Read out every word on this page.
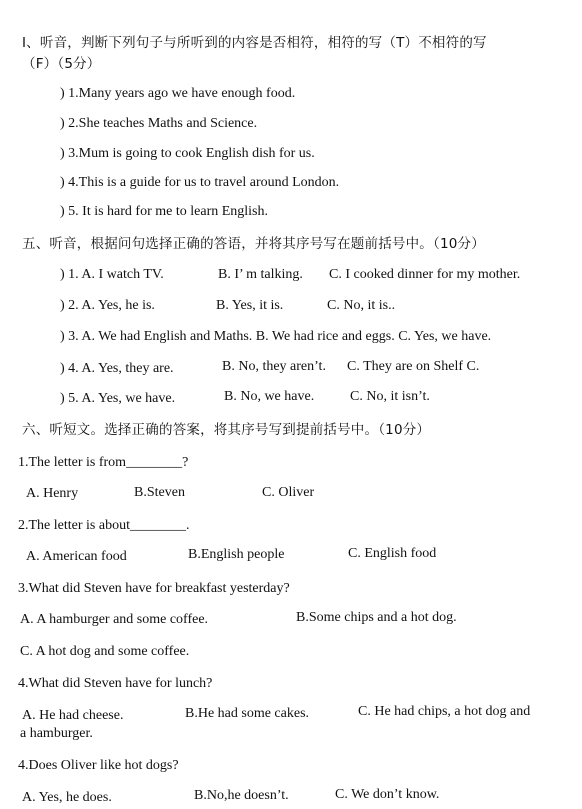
Ⅰ、听音，判断下列句子与所听到的内容是否相符，相符的写（T）不相符的写
（F）（5分）
) 1.Many years ago we have enough food.
) 2.She teaches Maths and Science.
) 3.Mum is going to cook English dish for us.
) 4.This is a guide for us to travel around London.
) 5. It is hard for me to learn English.
五、听音，根据问句选择正确的答语，并将其序号写在题前括号中。（10分）
) 1. A. I watch TV.	B. I’ m talking. C. I cooked dinner for my mother.
) 2. A. Yes, he is.	B. Yes, it is.	C. No, it is..
) 3. A. We had English and Maths. B. We had rice and eggs. C. Yes, we have.
) 4. A. Yes, they are.	B. No, they aren’t. C. They are on Shelf C.
) 5. A. Yes, we have.	B. No, we have.	C. No, it isn’t.
六、听短文。选择正确的答案，将其序号写到提前括号中。（10分）
1.The letter is from________?
A. Henry	B.Steven	C. Oliver
2.The letter is about________.
A. American food	B.English people	C. English food
3.What did Steven have for breakfast yesterday?
A. A hamburger and some coffee.	B.Some chips and a hot dog.
C. A hot dog and some coffee.
4.What did Steven have for lunch?
A. He had cheese.	B.He had some cakes.	C. He had chips, a hot dog and
a hamburger.
4.Does Oliver like hot dogs?
A. Yes, he does.	B.No,he doesn’t.	C. We don’t know.
